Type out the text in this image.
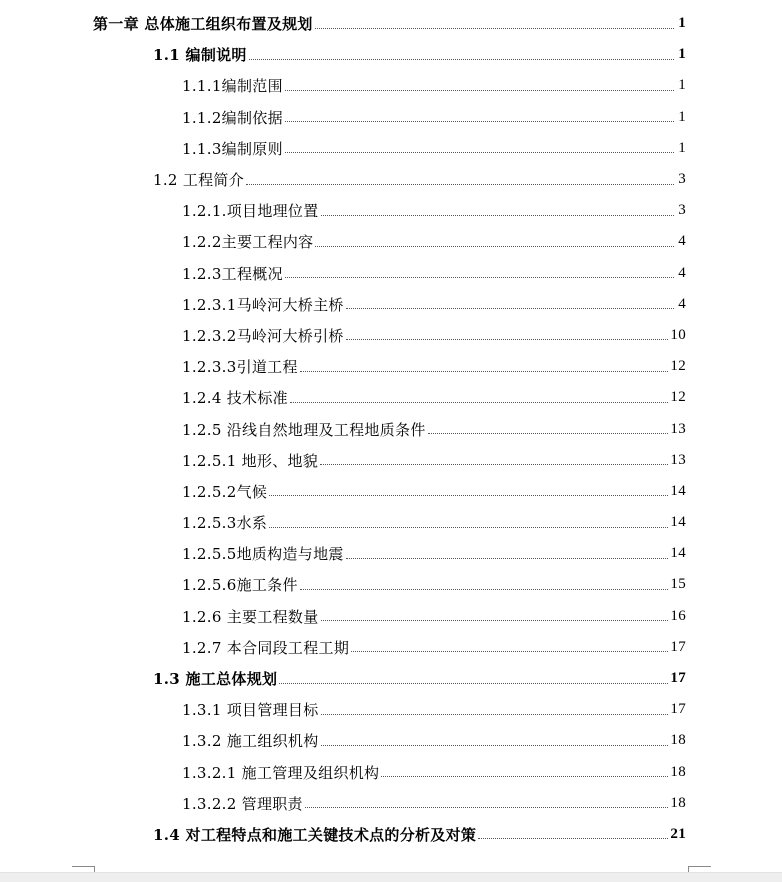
第一章 总体施工组织布置及规划	1
1.1 编制说明	1
1.1.1编制范围	1
1.1.2编制依据	1
1.1.3编制原则	1
1.2 工程简介	3
1.2.1.项目地理位置	3
1.2.2主要工程内容	4
1.2.3工程概况	4
1.2.3.1马岭河大桥主桥	4
1.2.3.2马岭河大桥引桥	10
1.2.3.3引道工程	12
1.2.4 技术标准	12
1.2.5 沿线自然地理及工程地质条件	13
1.2.5.1 地形、地貌	13
1.2.5.2气候	14
1.2.5.3水系	14
1.2.5.5地质构造与地震	14
1.2.5.6施工条件	15
1.2.6 主要工程数量	16
1.2.7 本合同段工程工期	17
1.3 施工总体规划	17
1.3.1 项目管理目标	17
1.3.2 施工组织机构	18
1.3.2.1 施工管理及组织机构	18
1.3.2.2 管理职责	18
1.4 对工程特点和施工关键技术点的分析及对策	21
